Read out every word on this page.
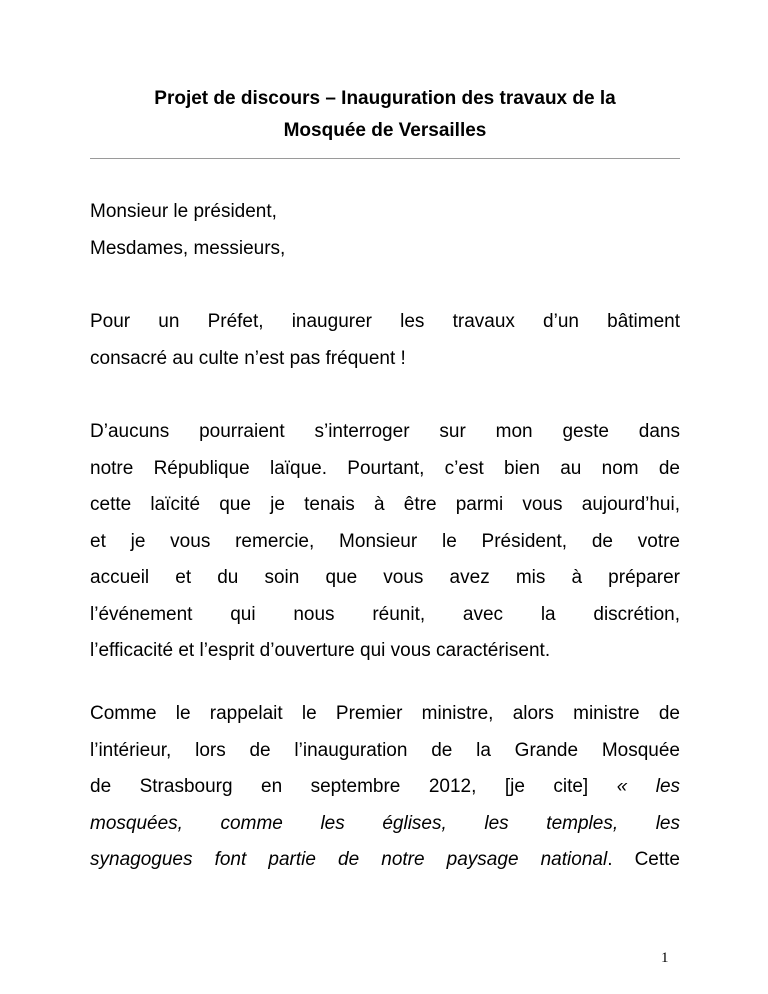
Projet de discours – Inauguration des travaux de la

Mosquée de Versailles

Monsieur le président,
Mesdames, messieurs,
Pour un Préfet, inaugurer les travaux d’un bâtiment
consacré au culte n’est pas fréquent !
D’aucuns pourraient s’interroger sur mon geste dans
notre République laïque. Pourtant, c’est bien au nom de
cette laïcité que je tenais à être parmi vous aujourd’hui,
et je vous remercie, Monsieur le Président, de votre
accueil et du soin que vous avez mis à préparer
l’événement qui nous réunit, avec la discrétion,
l’efficacité et l’esprit d’ouverture qui vous caractérisent.
Comme le rappelait le Premier ministre, alors ministre de
l’intérieur, lors de l’inauguration de la Grande Mosquée
de Strasbourg en septembre 2012, [je cite] « les
mosquées, comme les églises, les temples, les
synagogues font partie de notre paysage national. Cette
1
